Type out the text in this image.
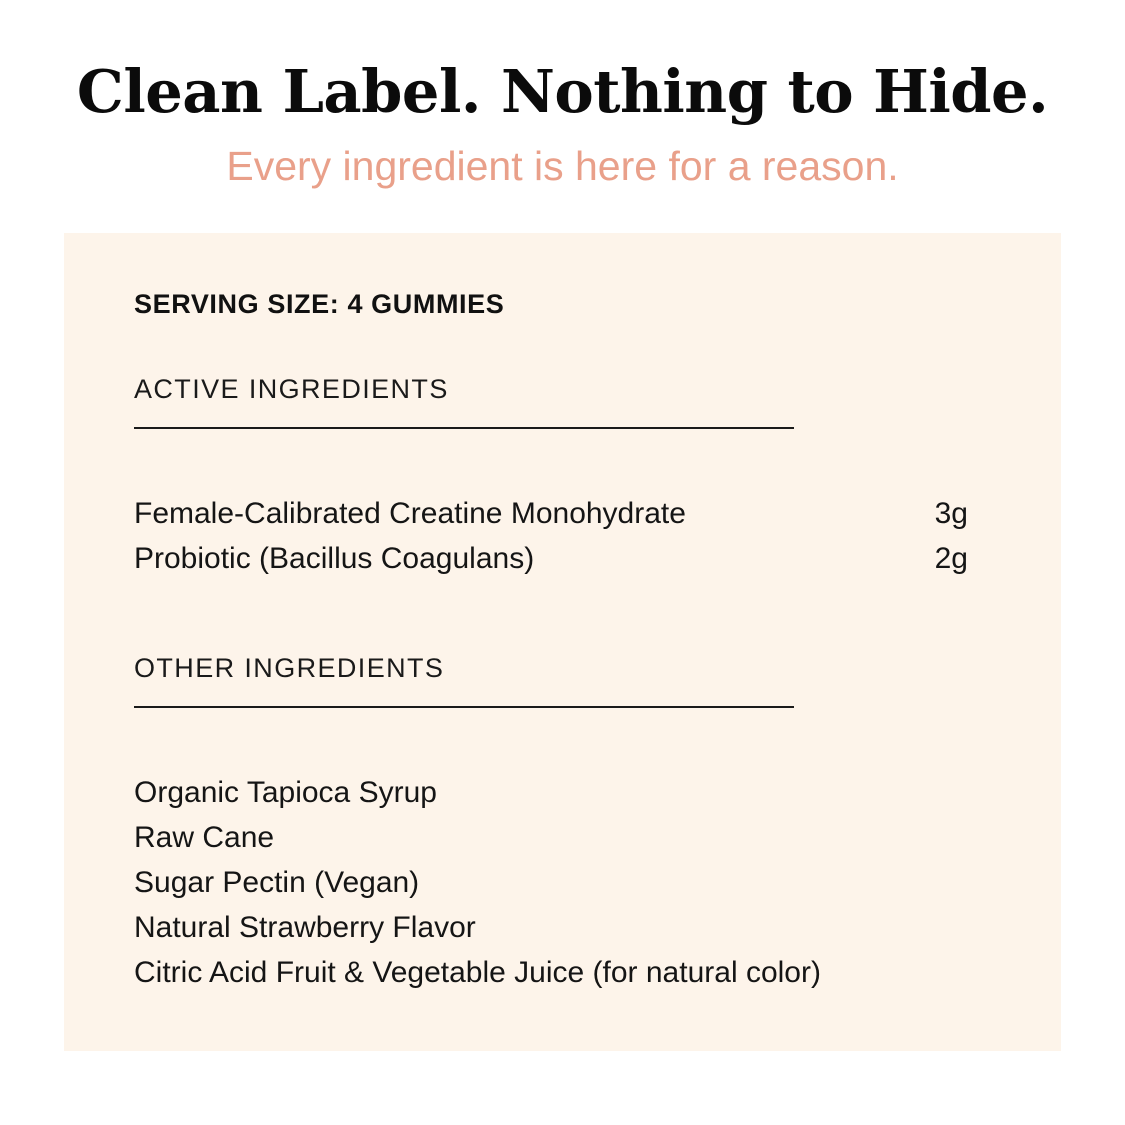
Clean Label. Nothing to Hide.

Every ingredient is here for a reason.

SERVING SIZE: 4 GUMMIES
ACTIVE INGREDIENTS
Female-Calibrated Creatine Monohydrate	3g
Probiotic (Bacillus Coagulans)	2g
OTHER INGREDIENTS
Organic Tapioca Syrup
Raw Cane
Sugar Pectin (Vegan)
Natural Strawberry Flavor
Citric Acid Fruit & Vegetable Juice (for natural color)
